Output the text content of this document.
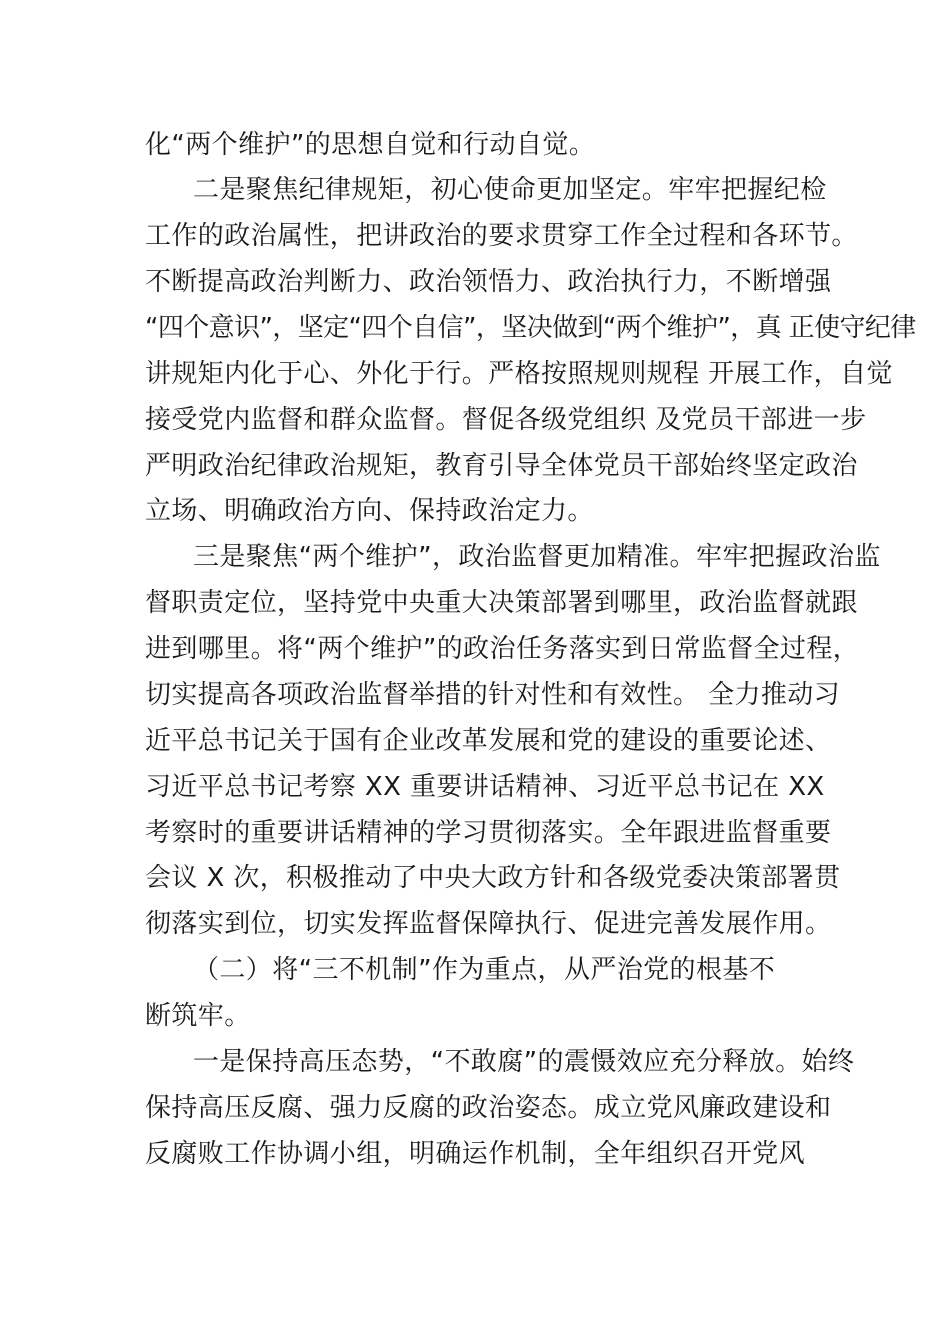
化“两个维护”的思想自觉和行动自觉。
二是聚焦纪律规矩，初心使命更加坚定。牢牢把握纪检
工作的政治属性，把讲政治的要求贯穿工作全过程和各环节。
不断提高政治判断力、政治领悟力、政治执行力，不断增强
“四个意识”，坚定“四个自信”，坚决做到“两个维护”，真 正使守纪律
讲规矩内化于心、外化于行。严格按照规则规程 开展工作，自觉
接受党内监督和群众监督。督促各级党组织 及党员干部进一步
严明政治纪律政治规矩，教育引导全体党员干部始终坚定政治
立场、明确政治方向、保持政治定力。
三是聚焦“两个维护”，政治监督更加精准。牢牢把握政治监
督职责定位，坚持党中央重大决策部署到哪里，政治监督就跟
进到哪里。将“两个维护”的政治任务落实到日常监督全过程，
切实提高各项政治监督举措的针对性和有效性。 全力推动习
近平总书记关于国有企业改革发展和党的建设的重要论述、
习近平总书记考察 XX 重要讲话精神、习近平总书记在 XX
考察时的重要讲话精神的学习贯彻落实。全年跟进监督重要
会议 X 次，积极推动了中央大政方针和各级党委决策部署贯
彻落实到位，切实发挥监督保障执行、促进完善发展作用。
（二）将“三不机制”作为重点，从严治党的根基不
断筑牢。
一是保持高压态势，“不敢腐”的震慑效应充分释放。始终
保持高压反腐、强力反腐的政治姿态。成立党风廉政建设和
反腐败工作协调小组，明确运作机制，全年组织召开党风
